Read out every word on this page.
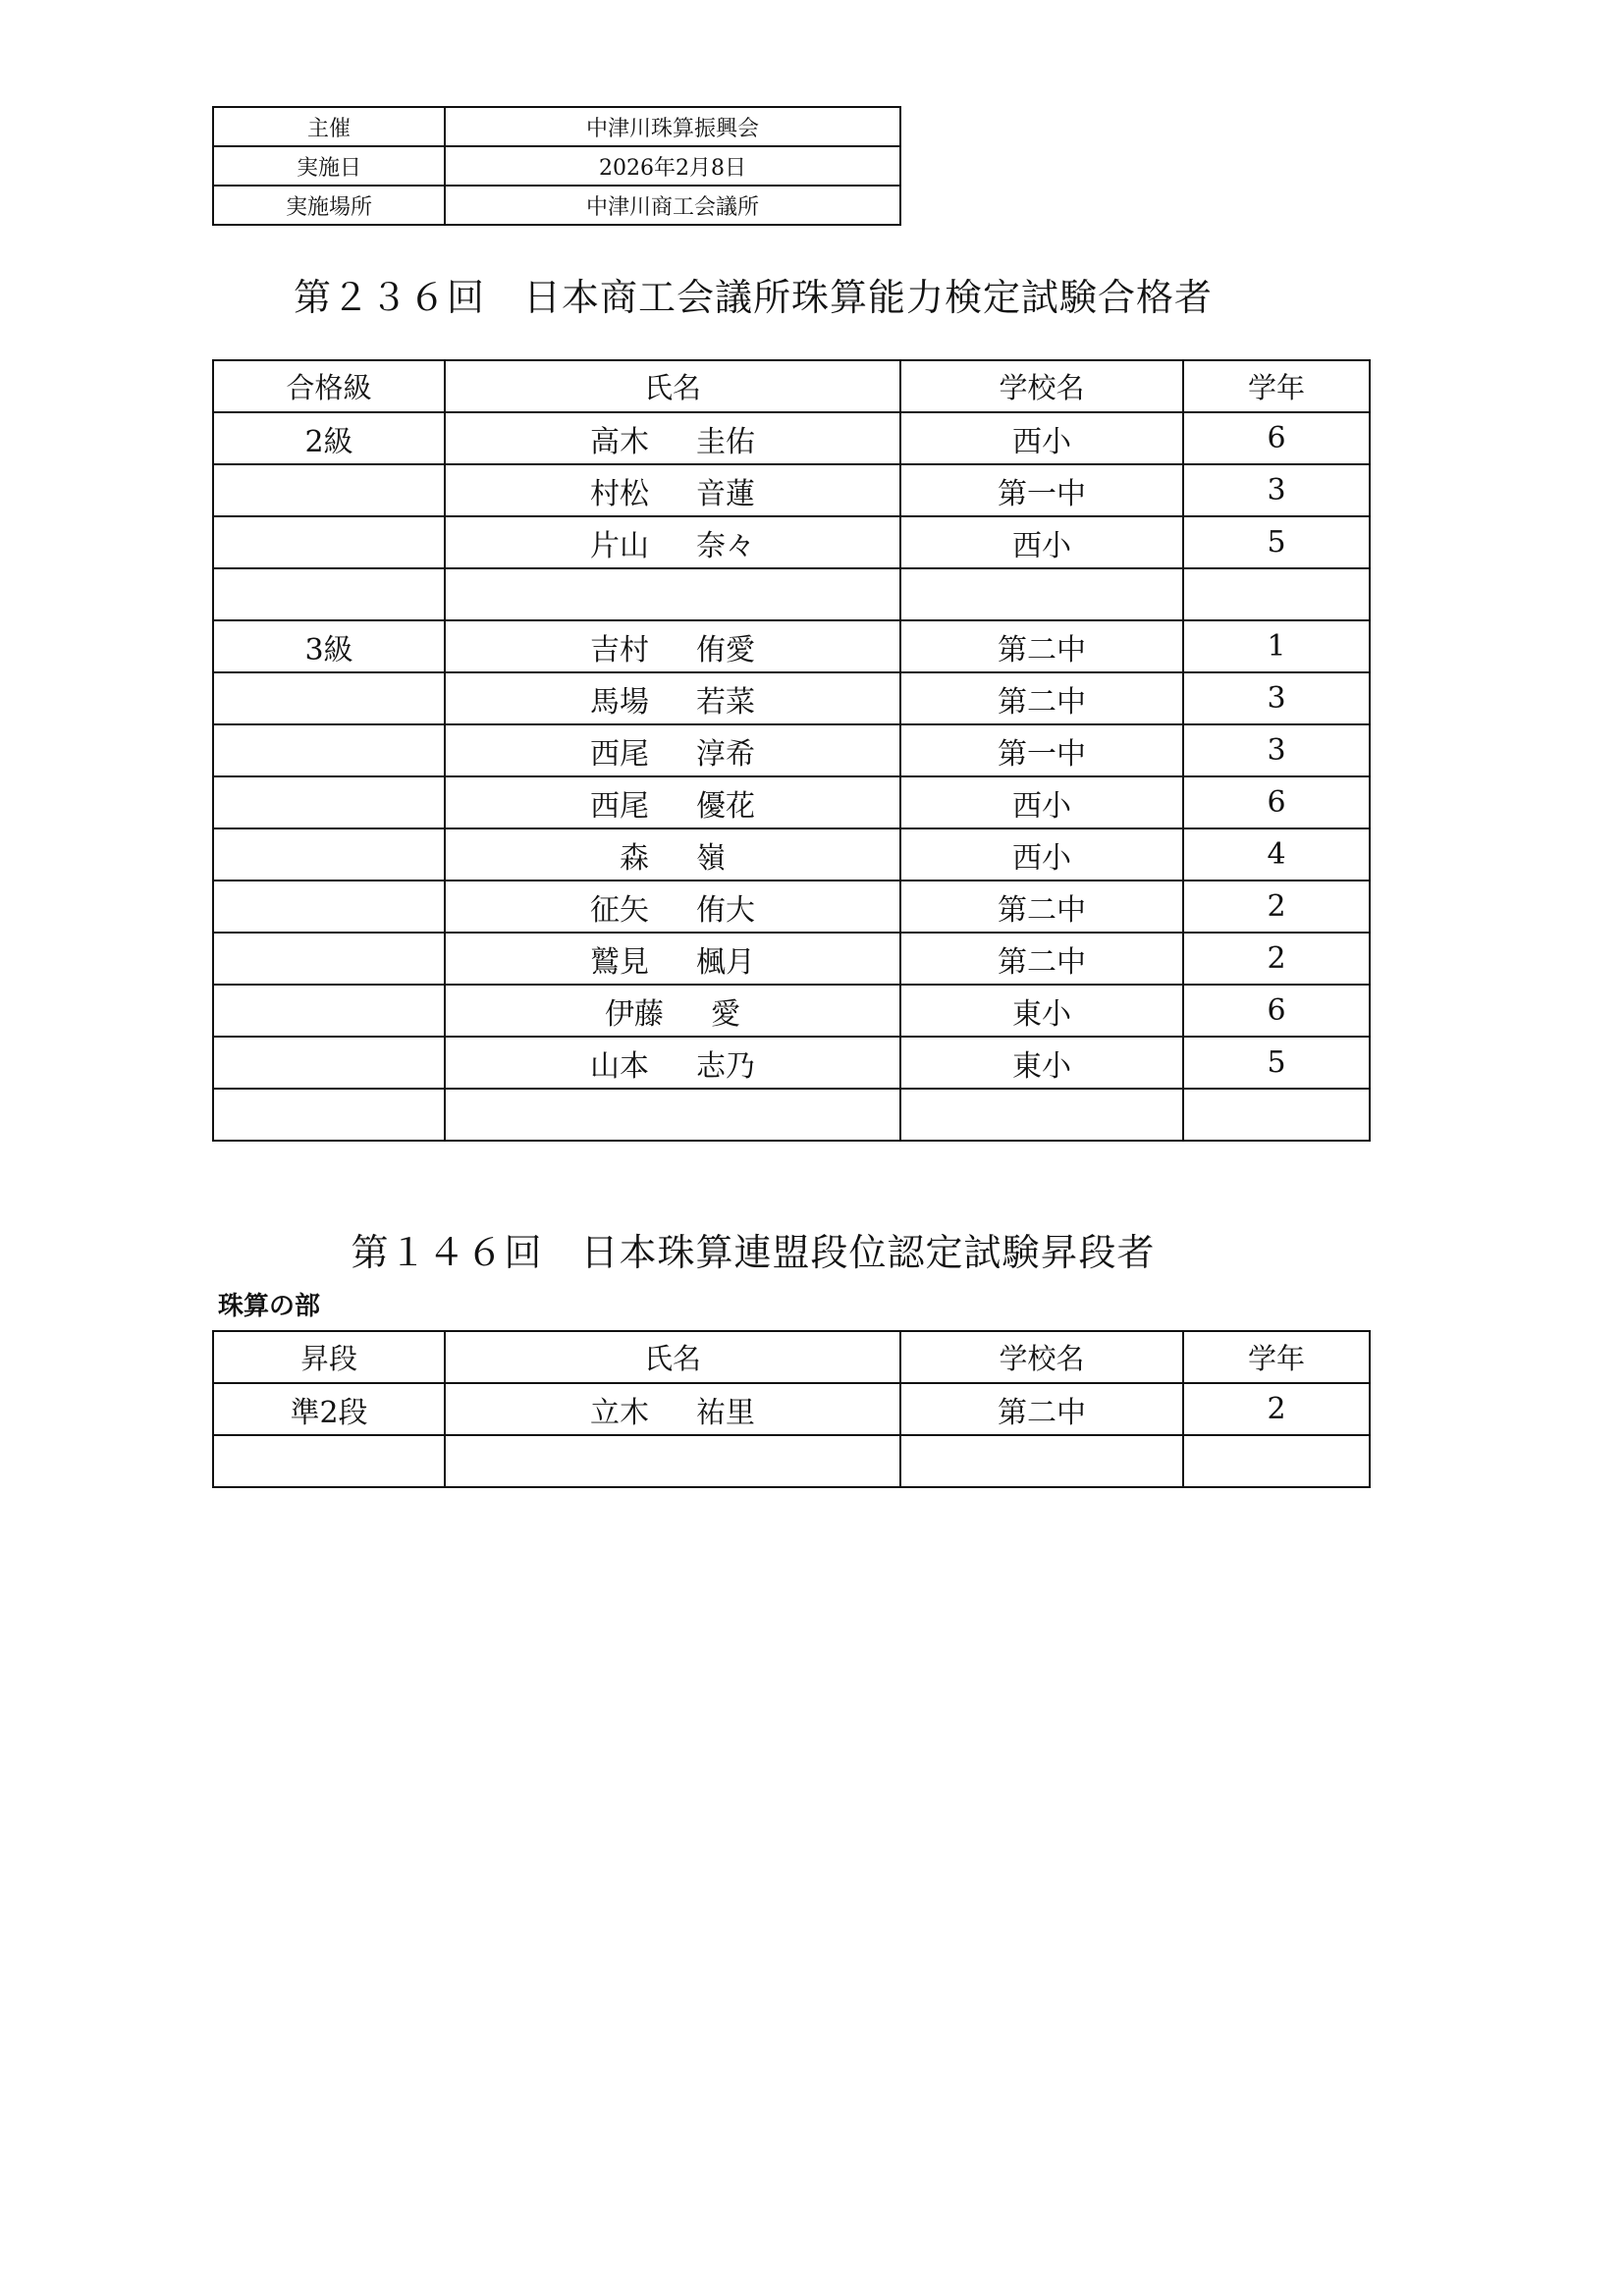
主催	中津川珠算振興会
実施日	2026年2月8日
実施場所	中津川商工会議所
第２３６回　日本商工会議所珠算能力検定試験合格者
合格級	氏名	学校名	学年
2級	高木 圭佑	西小	6
	村松 音蓮	第一中	3
	片山 奈々	西小	5

3級	吉村 侑愛	第二中	1
	馬場 若菜	第二中	3
	西尾 淳希	第一中	3
	西尾 優花	西小	6
	森 嶺	西小	4
	征矢 侑大	第二中	2
	鷲見 楓月	第二中	2
	伊藤 愛	東小	6
	山本 志乃	東小	5

第１４６回　日本珠算連盟段位認定試験昇段者
珠算の部
昇段	氏名	学校名	学年
準2段	立木 祐里	第二中	2
